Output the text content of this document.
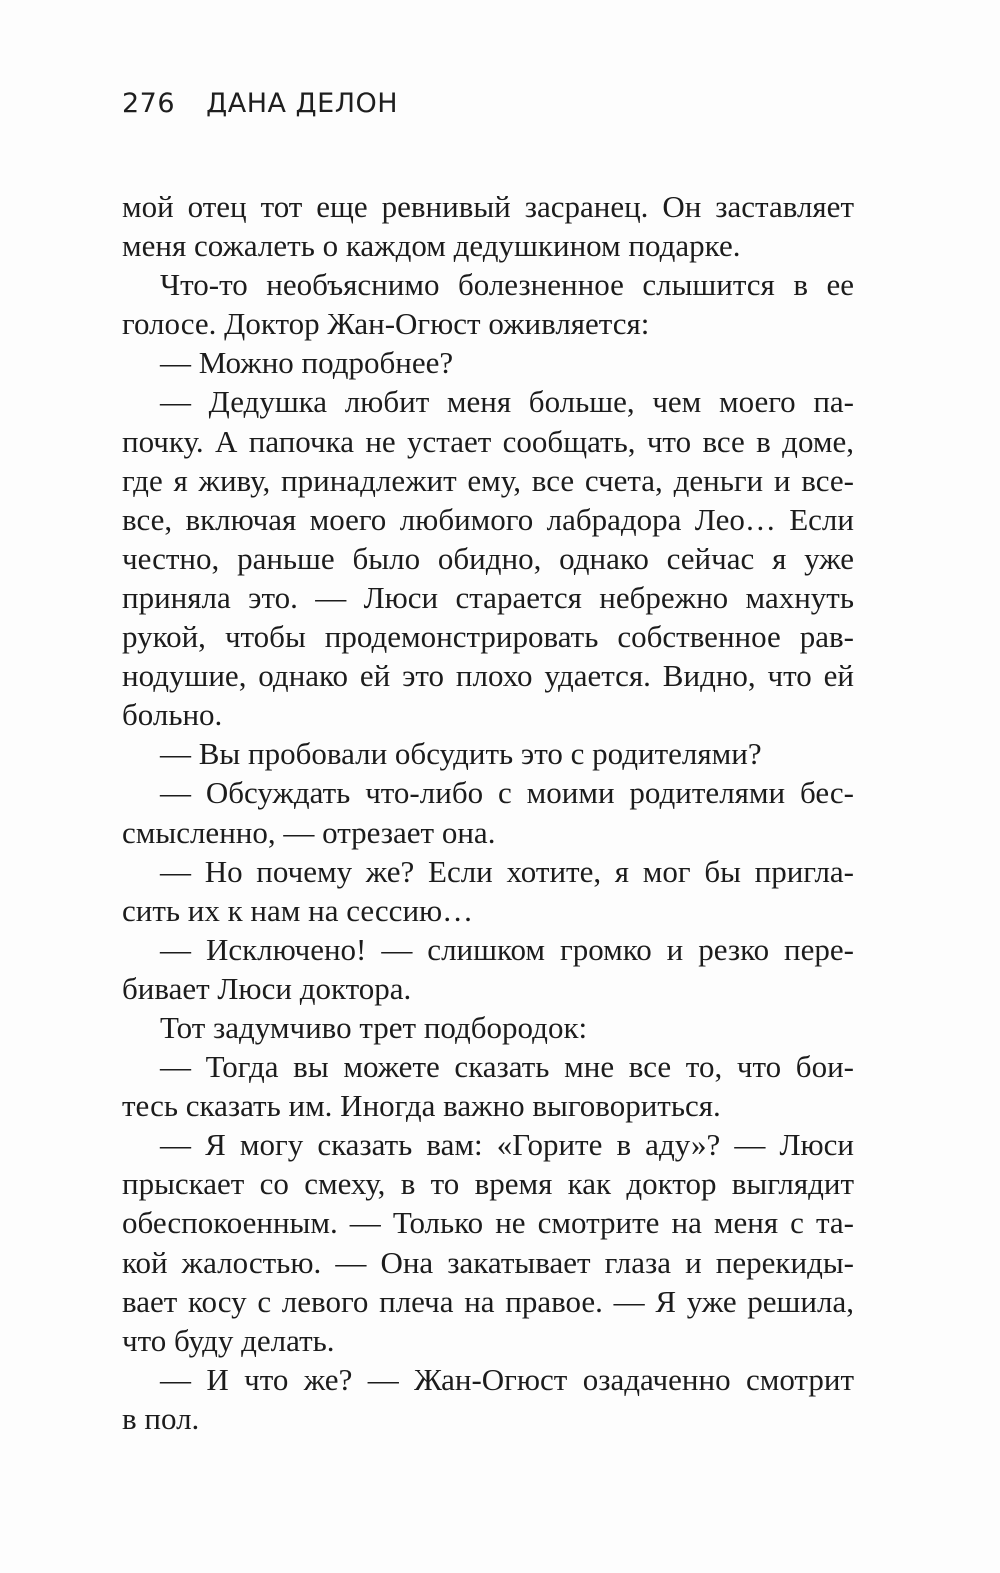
276 ДАНА ДЕЛОН
мой отец тот еще ревнивый засранец. Он заставляет
меня сожалеть о каждом дедушкином подарке.
Что-то необъяснимо болезненное слышится в ее
голосе. Доктор Жан-Огюст оживляется:
— Можно подробнее?
— Дедушка любит меня больше, чем моего па-
почку. А папочка не устает сообщать, что все в доме,
где я живу, принадлежит ему, все счета, деньги и все-
все, включая моего любимого лабрадора Лео… Если
честно, раньше было обидно, однако сейчас я уже
приняла это. — Люси старается небрежно махнуть
рукой, чтобы продемонстрировать собственное рав-
нодушие, однако ей это плохо удается. Видно, что ей
больно.
— Вы пробовали обсудить это с родителями?
— Обсуждать что-либо с моими родителями бес-
смысленно, — отрезает она.
— Но почему же? Если хотите, я мог бы пригла-
сить их к нам на сессию…
— Исключено! — слишком громко и резко пере-
бивает Люси доктора.
Тот задумчиво трет подбородок:
— Тогда вы можете сказать мне все то, что бои-
тесь сказать им. Иногда важно выговориться.
— Я могу сказать вам: «Горите в аду»? — Люси
прыскает со смеху, в то время как доктор выглядит
обеспокоенным. — Только не смотрите на меня с та-
кой жалостью. — Она закатывает глаза и перекиды-
вает косу с левого плеча на правое. — Я уже решила,
что буду делать.
— И что же? — Жан-Огюст озадаченно смотрит
в пол.
